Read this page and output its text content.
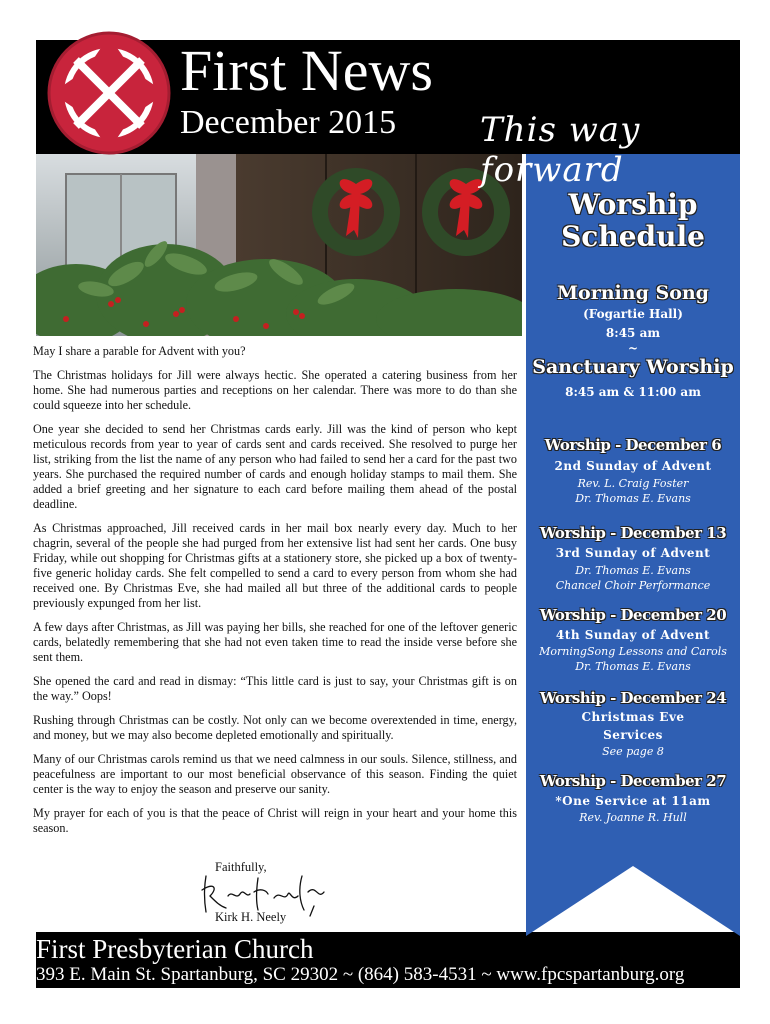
First News
December 2015 This way forward
Worship
Schedule
Morning Song
(Fogartie Hall)
8:45 am
~
Sanctuary Worship
8:45 am & 11:00 am
Worship - December 6
2nd Sunday of Advent
Rev. L. Craig Foster
Dr. Thomas E. Evans
Worship - December 13
3rd Sunday of Advent
Dr. Thomas E. Evans
Chancel Choir Performance
Worship - December 20
4th Sunday of Advent
MorningSong Lessons and Carols
Dr. Thomas E. Evans
Worship - December 24
Christmas Eve
Services
See page 8
Worship - December 27
*One Service at 11am
Rev. Joanne R. Hull

May I share a parable for Advent with you?

The Christmas holidays for Jill were always hectic. She operated a catering business from her home. She had numerous parties and receptions on her calendar. There was more to do than she could squeeze into her schedule.

One year she decided to send her Christmas cards early. Jill was the kind of person who kept meticulous records from year to year of cards sent and cards received. She resolved to purge her list, striking from the list the name of any person who had failed to send her a card for the past two years. She purchased the required number of cards and enough holiday stamps to mail them. She added a brief greeting and her signature to each card before mailing them ahead of the postal deadline.

As Christmas approached, Jill received cards in her mail box nearly every day. Much to her chagrin, several of the people she had purged from her extensive list had sent her cards. One busy Friday, while out shopping for Christmas gifts at a stationery store, she picked up a box of twenty-five generic holiday cards. She felt compelled to send a card to every person from whom she had received one. By Christmas Eve, she had mailed all but three of the additional cards to people previously expunged from her list.

A few days after Christmas, as Jill was paying her bills, she reached for one of the leftover generic cards, belatedly remembering that she had not even taken time to read the inside verse before she sent them.

She opened the card and read in dismay: “This little card is just to say, your Christmas gift is on the way.” Oops!

Rushing through Christmas can be costly. Not only can we become overextended in time, energy, and money, but we may also become depleted emotionally and spiritually.

Many of our Christmas carols remind us that we need calmness in our souls. Silence, stillness, and peacefulness are important to our most beneficial observance of this season. Finding the quiet center is the way to enjoy the season and preserve our sanity.

My prayer for each of you is that the peace of Christ will reign in your heart and your home this season.

Faithfully,
Kirk H. Neely
First Presbyterian Church
393 E. Main St. Spartanburg, SC 29302 ~ (864) 583-4531 ~ www.fpcspartanburg.org
